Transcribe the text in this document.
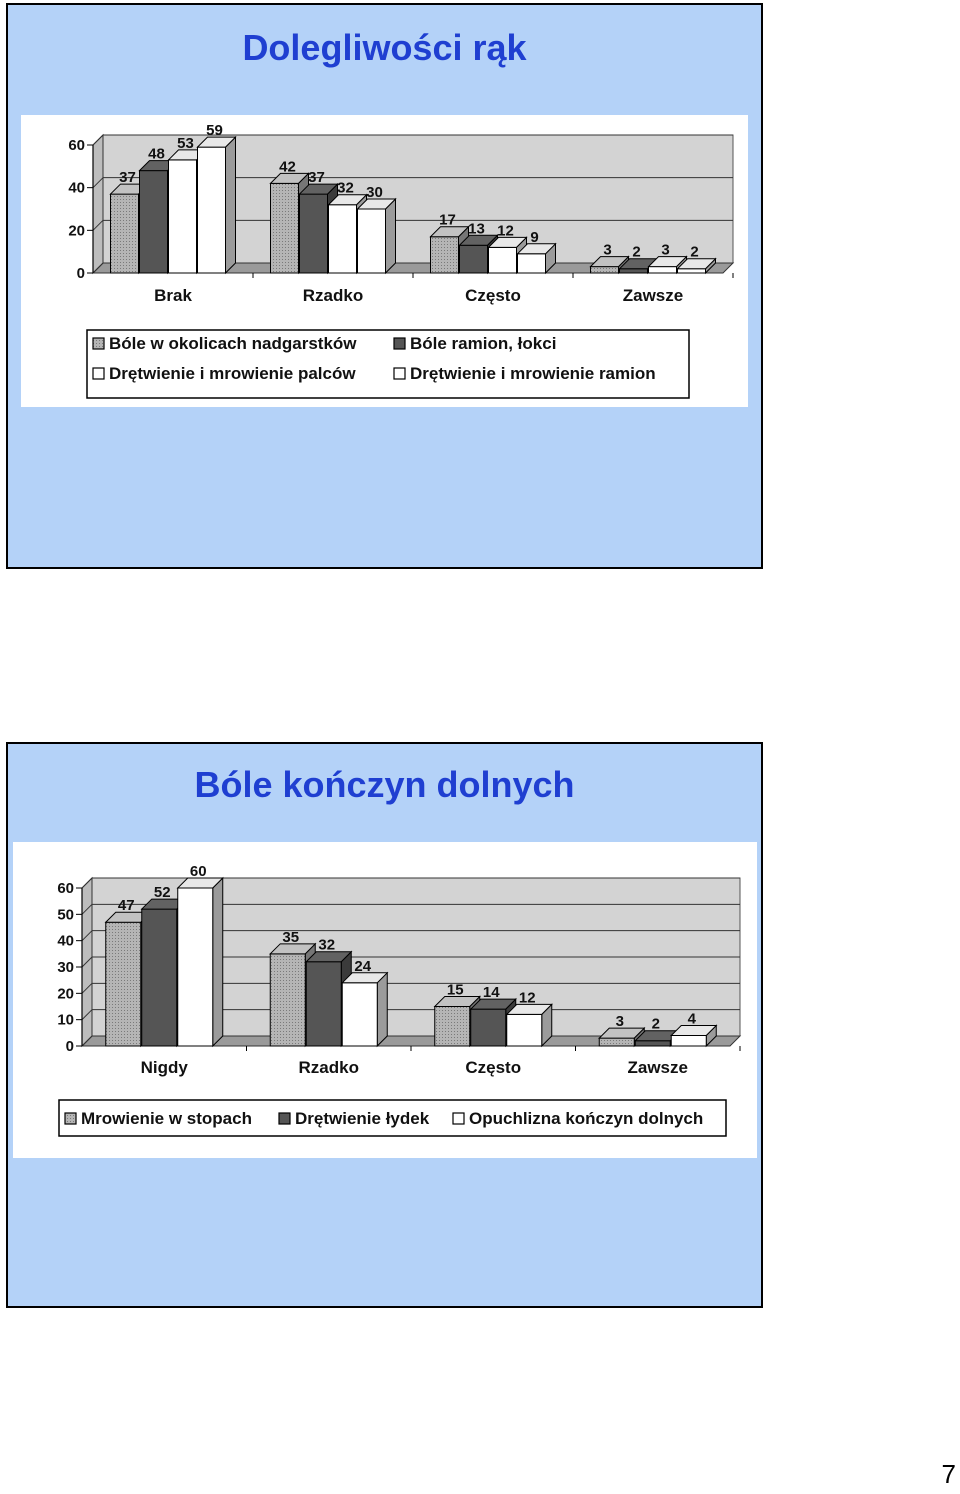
Dolegliwości rąk
0
20
40
60
37
48
53
59
Brak
42
37
32 30
Rzadko
17
13 12 9
Często
3 2 3 2
Zawsze
Bóle w okolicach nadgarstków	Bóle ramion, łokci
Drętwienie i mrowienie palców	Drętwienie i mrowienie ramion
Bóle kończyn dolnych
0
10
20
30
40
50
60
47
52
60
Nigdy
35 32
24
Rzadko
15 14 12
Często
3 2 4
Zawsze
Mrowienie w stopach	Drętwienie łydek Opuchlizna kończyn dolnych
7
